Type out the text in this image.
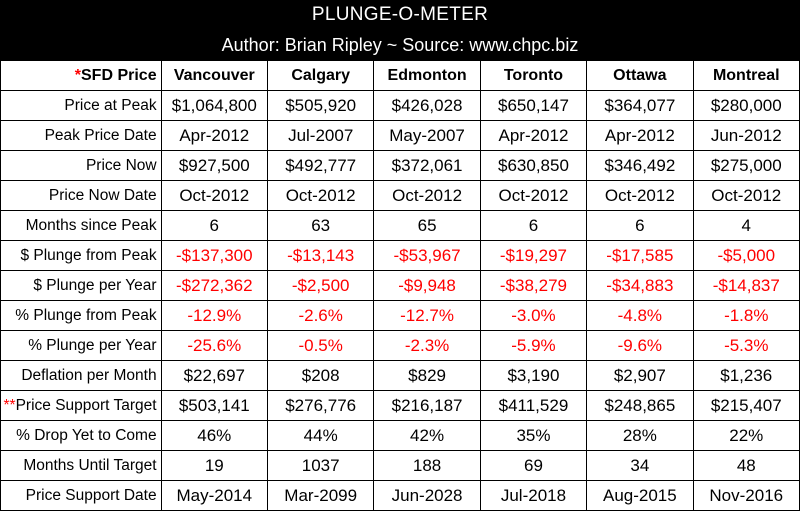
PLUNGE-O-METER
Author: Brian Ripley ~ Source: www.chpc.biz
*SFD Price	Vancouver	Calgary	Edmonton	Toronto	Ottawa	Montreal
Price at Peak	$1,064,800	$505,920	$426,028	$650,147	$364,077	$280,000
Peak Price Date	Apr-2012	Jul-2007	May-2007	Apr-2012	Apr-2012	Jun-2012
Price Now	$927,500	$492,777	$372,061	$630,850	$346,492	$275,000
Price Now Date	Oct-2012	Oct-2012	Oct-2012	Oct-2012	Oct-2012	Oct-2012
Months since Peak	6	63	65	6	6	4
$ Plunge from Peak	-$137,300	-$13,143	-$53,967	-$19,297	-$17,585	-$5,000
$ Plunge per Year	-$272,362	-$2,500	-$9,948	-$38,279	-$34,883	-$14,837
% Plunge from Peak	-12.9%	-2.6%	-12.7%	-3.0%	-4.8%	-1.8%
% Plunge per Year	-25.6%	-0.5%	-2.3%	-5.9%	-9.6%	-5.3%
Deflation per Month	$22,697	$208	$829	$3,190	$2,907	$1,236
**Price Support Target	$503,141	$276,776	$216,187	$411,529	$248,865	$215,407
% Drop Yet to Come	46%	44%	42%	35%	28%	22%
Months Until Target	19	1037	188	69	34	48
Price Support Date	May-2014	Mar-2099	Jun-2028	Jul-2018	Aug-2015	Nov-2016
